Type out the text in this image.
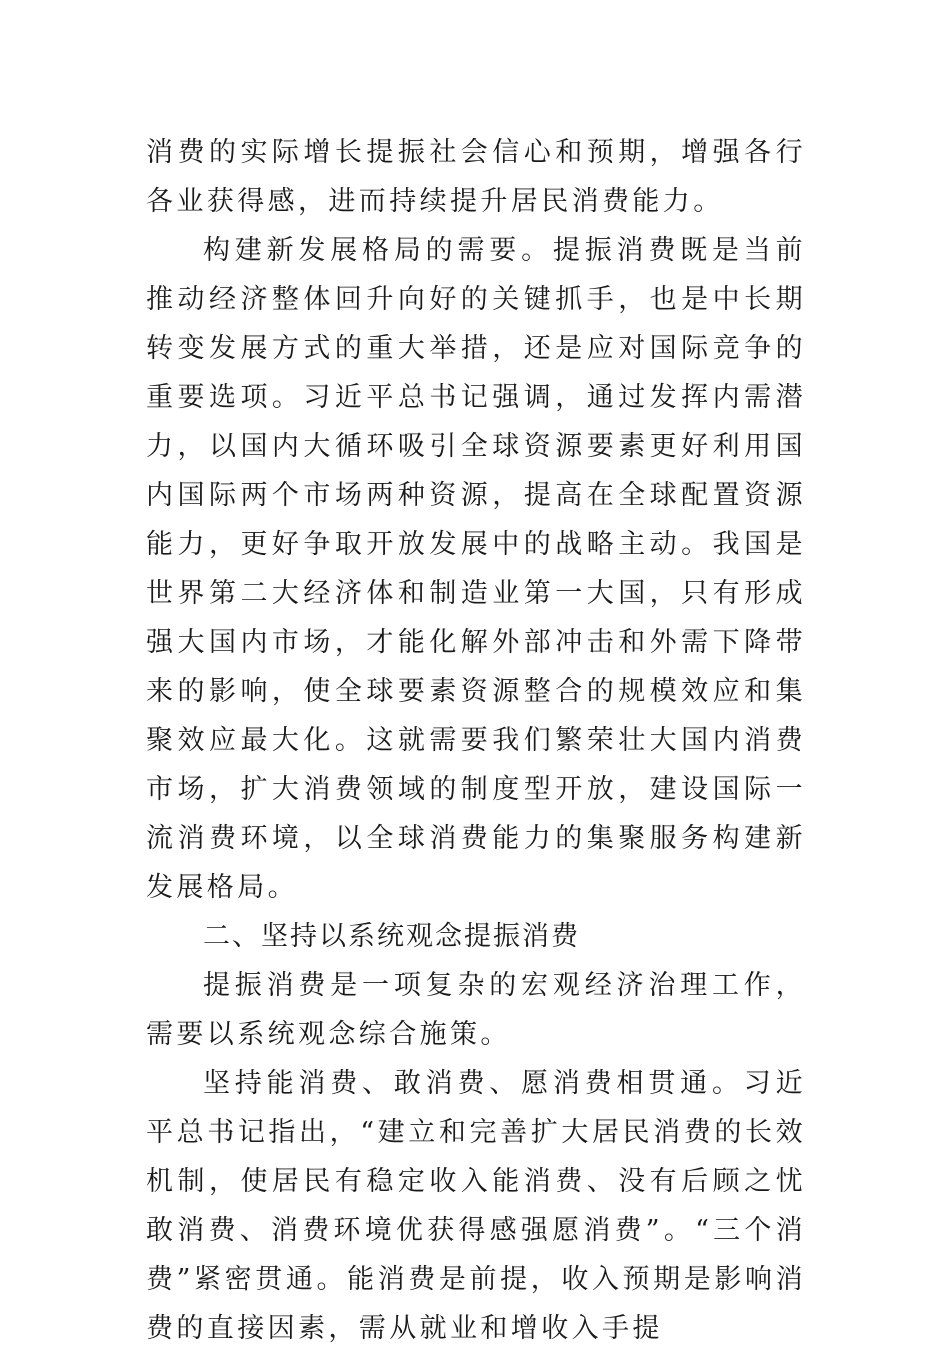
消费的实际增长提振社会信心和预期，增强各行各业获得感，进而持续提升居民消费能力。

构建新发展格局的需要。提振消费既是当前推动经济整体回升向好的关键抓手，也是中长期转变发展方式的重大举措，还是应对国际竞争的重要选项。习近平总书记强调，通过发挥内需潜力，以国内大循环吸引全球资源要素更好利用国内国际两个市场两种资源，提高在全球配置资源能力，更好争取开放发展中的战略主动。我国是世界第二大经济体和制造业第一大国，只有形成强大国内市场，才能化解外部冲击和外需下降带来的影响，使全球要素资源整合的规模效应和集聚效应最大化。这就需要我们繁荣壮大国内消费市场，扩大消费领域的制度型开放，建设国际一流消费环境，以全球消费能力的集聚服务构建新发展格局。

二、坚持以系统观念提振消费

提振消费是一项复杂的宏观经济治理工作，需要以系统观念综合施策。

坚持能消费、敢消费、愿消费相贯通。习近平总书记指出，“建立和完善扩大居民消费的长效机制，使居民有稳定收入能消费、没有后顾之忧敢消费、消费环境优获得感强愿消费”。“三个消费”紧密贯通。能消费是前提，收入预期是影响消费的直接因素，需从就业和增收入手提
